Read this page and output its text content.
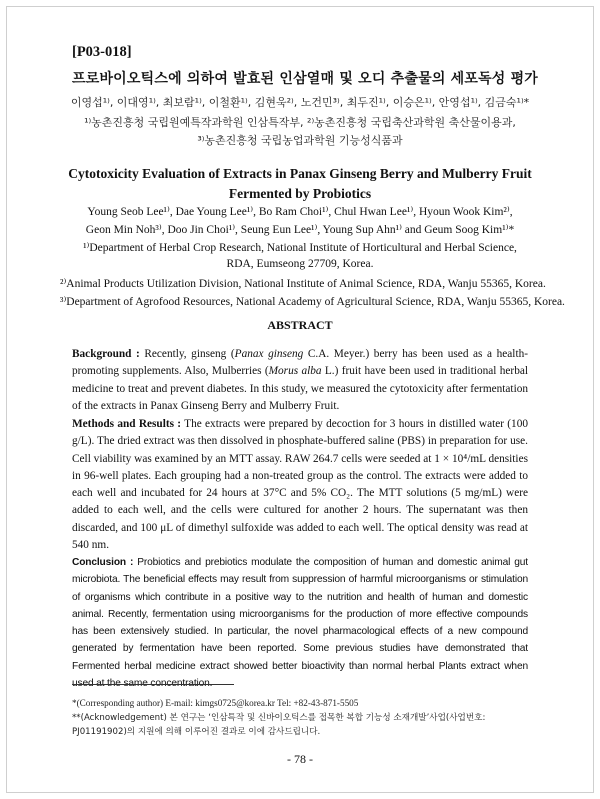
[P03-018]
프로바이오틱스에 의하여 발효된 인삼열매 및 오디 추출물의 세포독성 평가
이영섭¹⁾, 이대영¹⁾, 최보람¹⁾, 이철환¹⁾, 김현욱²⁾, 노건민³⁾, 최두진¹⁾, 이승은¹⁾, 안영섭¹⁾, 김금숙¹⁾*
¹⁾농촌진흥청 국립원예특작과학원 인삼특작부, ²⁾농촌진흥청 국립축산과학원 축산물이용과,
³⁾농촌진흥청 국립농업과학원 기능성식품과
Cytotoxicity Evaluation of Extracts in Panax Ginseng Berry and Mulberry Fruit
Fermented by Probiotics
Young Seob Lee¹⁾, Dae Young Lee¹⁾, Bo Ram Choi¹⁾, Chul Hwan Lee¹⁾, Hyoun Wook Kim²⁾,
Geon Min Noh³⁾, Doo Jin Choi¹⁾, Seung Eun Lee¹⁾, Young Sup Ahn¹⁾ and Geum Soog Kim¹⁾*
¹⁾Department of Herbal Crop Research, National Institute of Horticultural and Herbal Science,
RDA, Eumseong 27709, Korea.
²⁾Animal Products Utilization Division, National Institute of Animal Science, RDA, Wanju 55365, Korea.
³⁾Department of Agrofood Resources, National Academy of Agricultural Science, RDA, Wanju 55365, Korea.
ABSTRACT
Background : Recently, ginseng (Panax ginseng C.A. Meyer.) berry has been used as a health-promoting supplements. Also, Mulberries (Morus alba L.) fruit have been used in traditional herbal medicine to treat and prevent diabetes. In this study, we measured the cytotoxicity after fermentation of the extracts in Panax Ginseng Berry and Mulberry Fruit.
Methods and Results : The extracts were prepared by decoction for 3 hours in distilled water (100 g/L). The dried extract was then dissolved in phosphate-buffered saline (PBS) in preparation for use. Cell viability was examined by an MTT assay. RAW 264.7 cells were seeded at 1 × 10⁴/mL densities in 96-well plates. Each grouping had a non-treated group as the control. The extracts were added to each well and incubated for 24 hours at 37°C and 5% CO₂. The MTT solutions (5 mg/mL) were added to each well, and the cells were cultured for another 2 hours. The supernatant was then discarded, and 100 μL of dimethyl sulfoxide was added to each well. The optical density was read at 540 nm.
Conclusion : Probiotics and prebiotics modulate the composition of human and domestic animal gut microbiota. The beneficial effects may result from suppression of harmful microorganisms or stimulation of organisms which contribute in a positive way to the nutrition and health of human and domestic animal. Recently, fermentation using microorganisms for the production of more effective compounds has been extensively studied. In particular, the novel pharmacological effects of a new compound generated by fermentation have been reported. Some previous studies have demonstrated that Fermented herbal medicine extract showed better bioactivity than normal herbal Plants extract when used at the same concentration.
*(Corresponding author) E-mail: kimgs0725@korea.kr Tel: +82-43-871-5505
**(Acknowledgement) 본 연구는 ‘인삼특작 및 신바이오틱스를 접목한 복합 기능성 소재개발’사업(사업번호:
PJ01191902)의 지원에 의해 이루어진 결과로 이에 감사드립니다.
- 78 -
